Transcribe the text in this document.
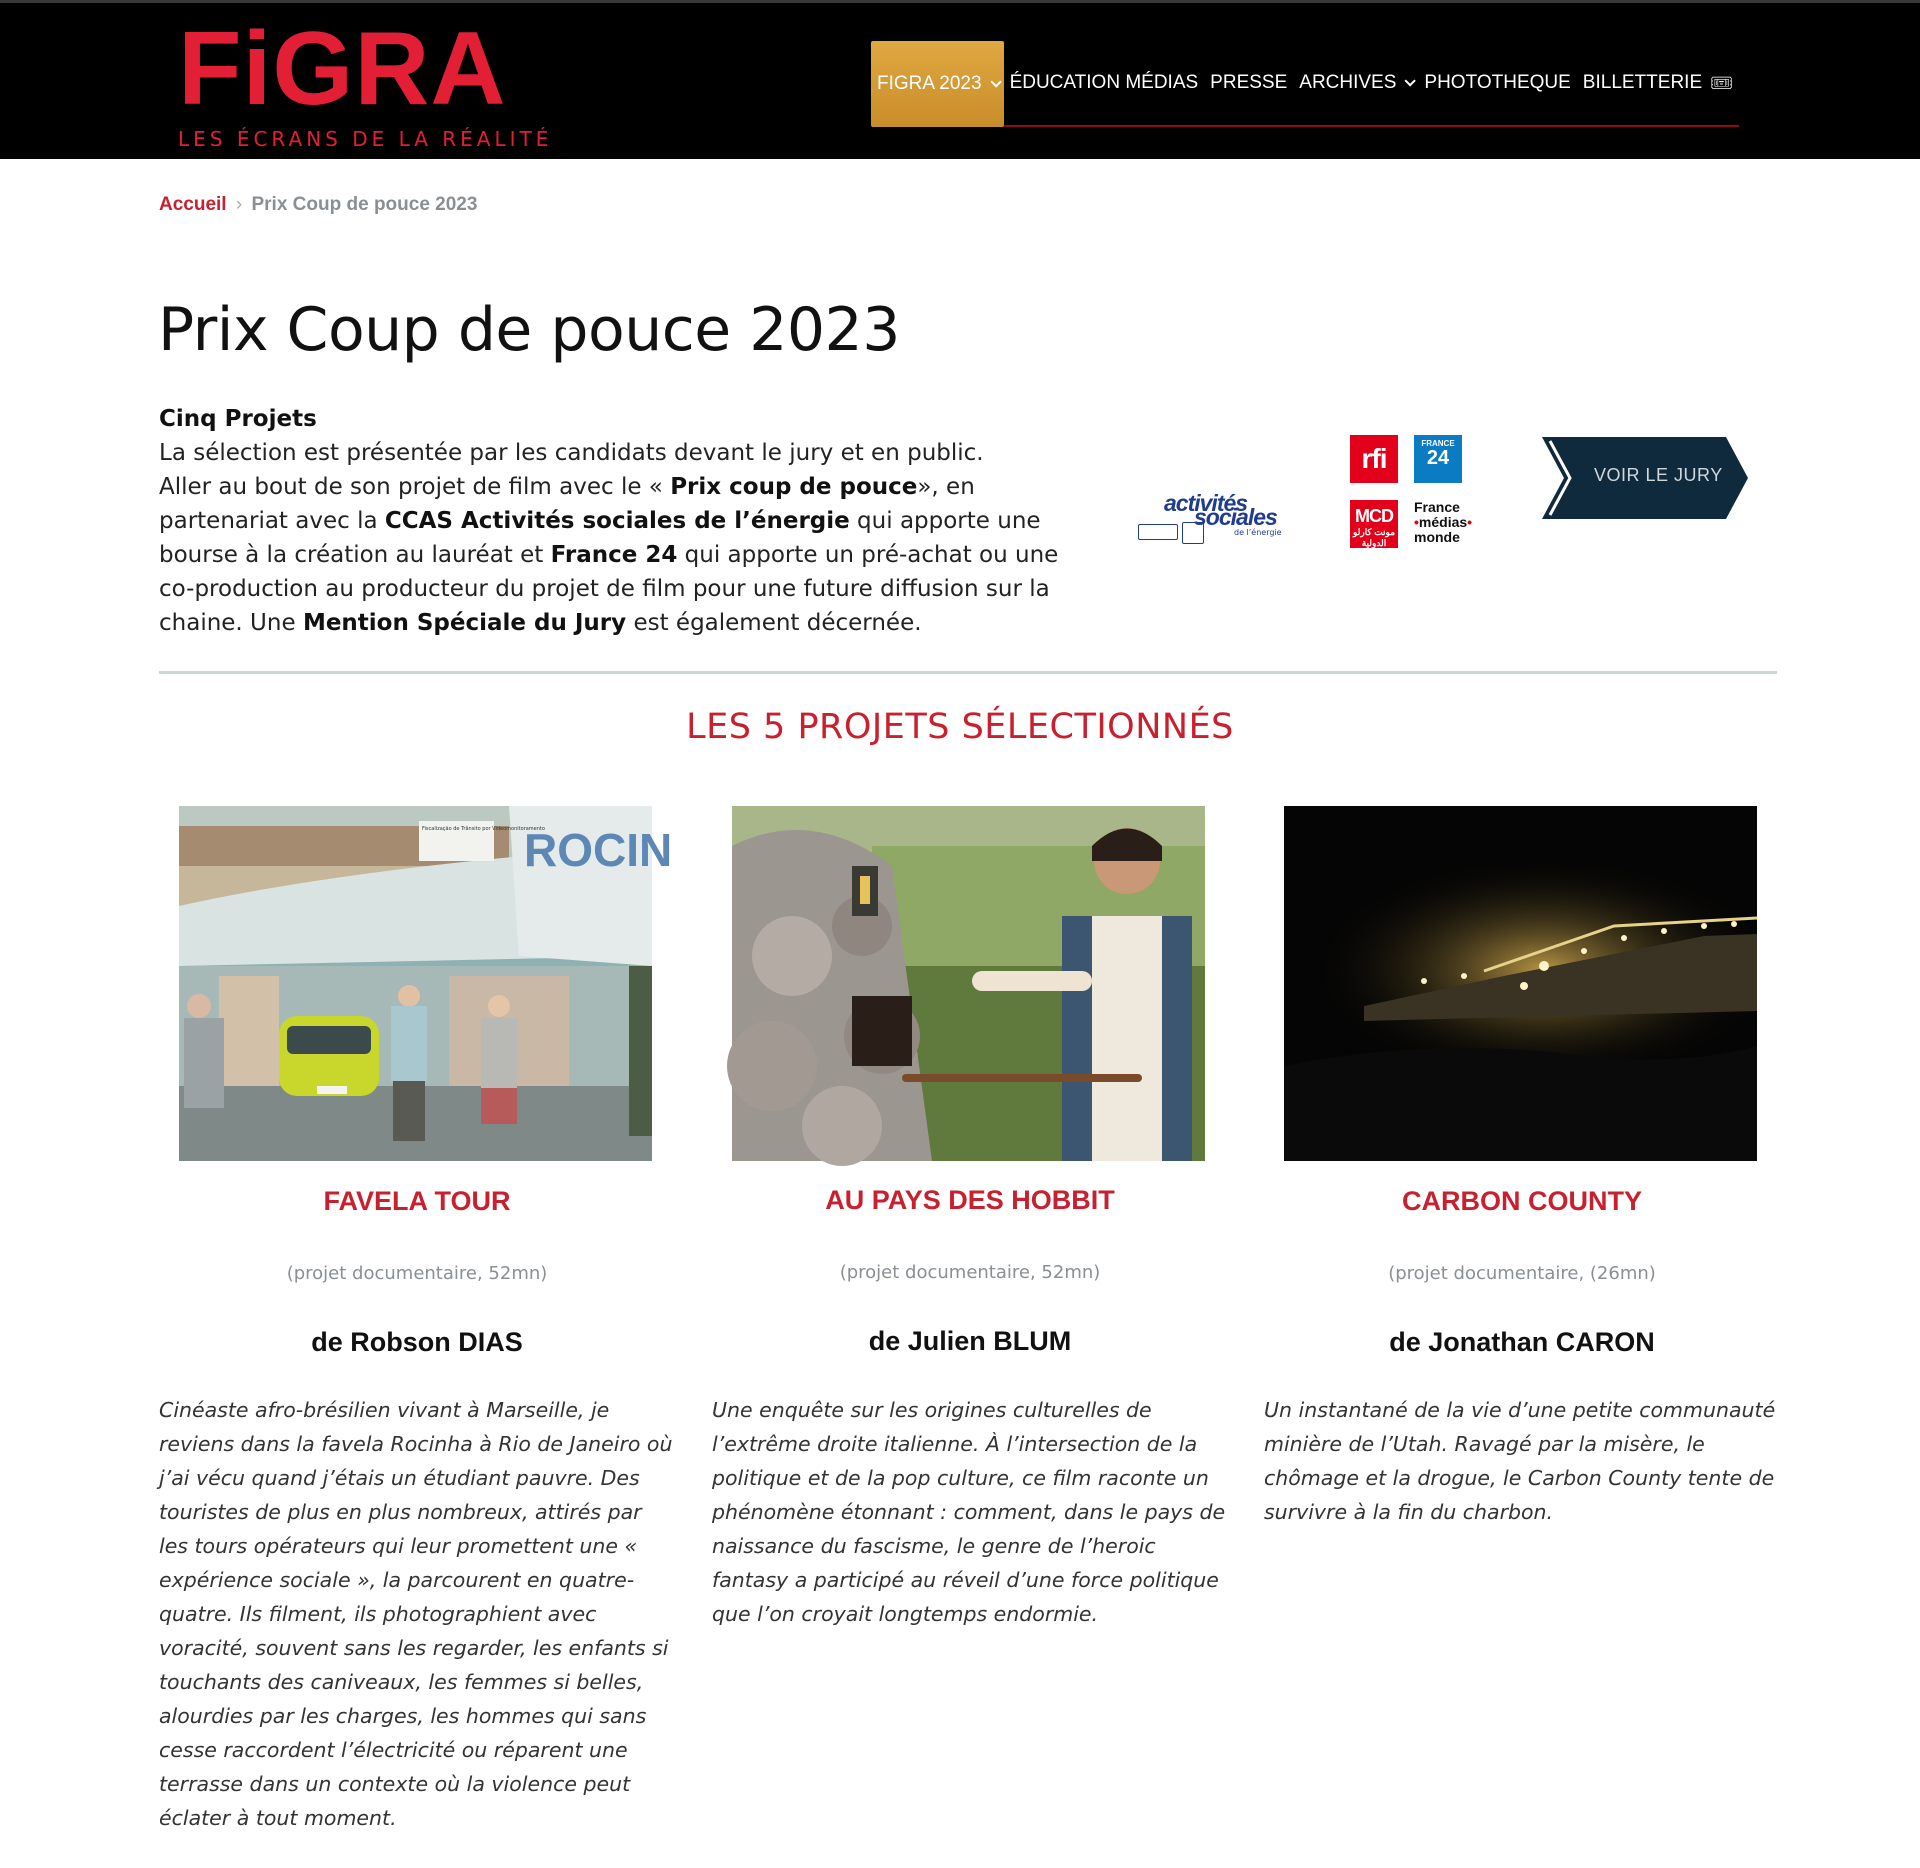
FiGRA
LES ÉCRANS DE LA RÉALITÉ
FIGRA 2023 ÉDUCATION MÉDIAS PRESSE ARCHIVES PHOTOTHEQUE BILLETTERIE 🎟
Accueil › Prix Coup de pouce 2023
Prix Coup de pouce 2023
Cinq Projets
La sélection est présentée par les candidats devant le jury et en public.
Aller au bout de son projet de film avec le « Prix coup de pouce», en partenariat avec la CCAS Activités sociales de l’énergie qui apporte une bourse à la création au lauréat et France 24 qui apporte un pré-achat ou une co-production au producteur du projet de film pour une future diffusion sur la chaine. Une Mention Spéciale du Jury est également décernée.
activités
sociales
de l’énergie
rfi	FRANCE
24
MCD
مونت كارلو الدولية
France
•médias•
monde
VOIR LE JURY
LES 5 PROJETS SÉLECTIONNÉS
ROCIN
Fiscalização de Trânsito por Videomonitoramento
FAVELA TOUR
(projet documentaire, 52mn)
de Robson DIAS
Cinéaste afro-brésilien vivant à Marseille, je reviens dans la favela Rocinha à Rio de Janeiro où j’ai vécu quand j’étais un étudiant pauvre. Des touristes de plus en plus nombreux, attirés par les tours opérateurs qui leur promettent une « expérience sociale », la parcourent en quatre-quatre. Ils filment, ils photographient avec voracité, souvent sans les regarder, les enfants si touchants des caniveaux, les femmes si belles, alourdies par les charges, les hommes qui sans cesse raccordent l’électricité ou réparent une terrasse dans un contexte où la violence peut éclater à tout moment.
AU PAYS DES HOBBIT
(projet documentaire, 52mn)
de Julien BLUM
Une enquête sur les origines culturelles de l’extrême droite italienne. À l’intersection de la politique et de la pop culture, ce film raconte un phénomène étonnant : comment, dans le pays de naissance du fascisme, le genre de l’heroic fantasy a participé au réveil d’une force politique que l’on croyait longtemps endormie.
CARBON COUNTY
(projet documentaire, (26mn)
de Jonathan CARON
Un instantané de la vie d’une petite communauté minière de l’Utah. Ravagé par la misère, le chômage et la drogue, le Carbon County tente de survivre à la fin du charbon.
